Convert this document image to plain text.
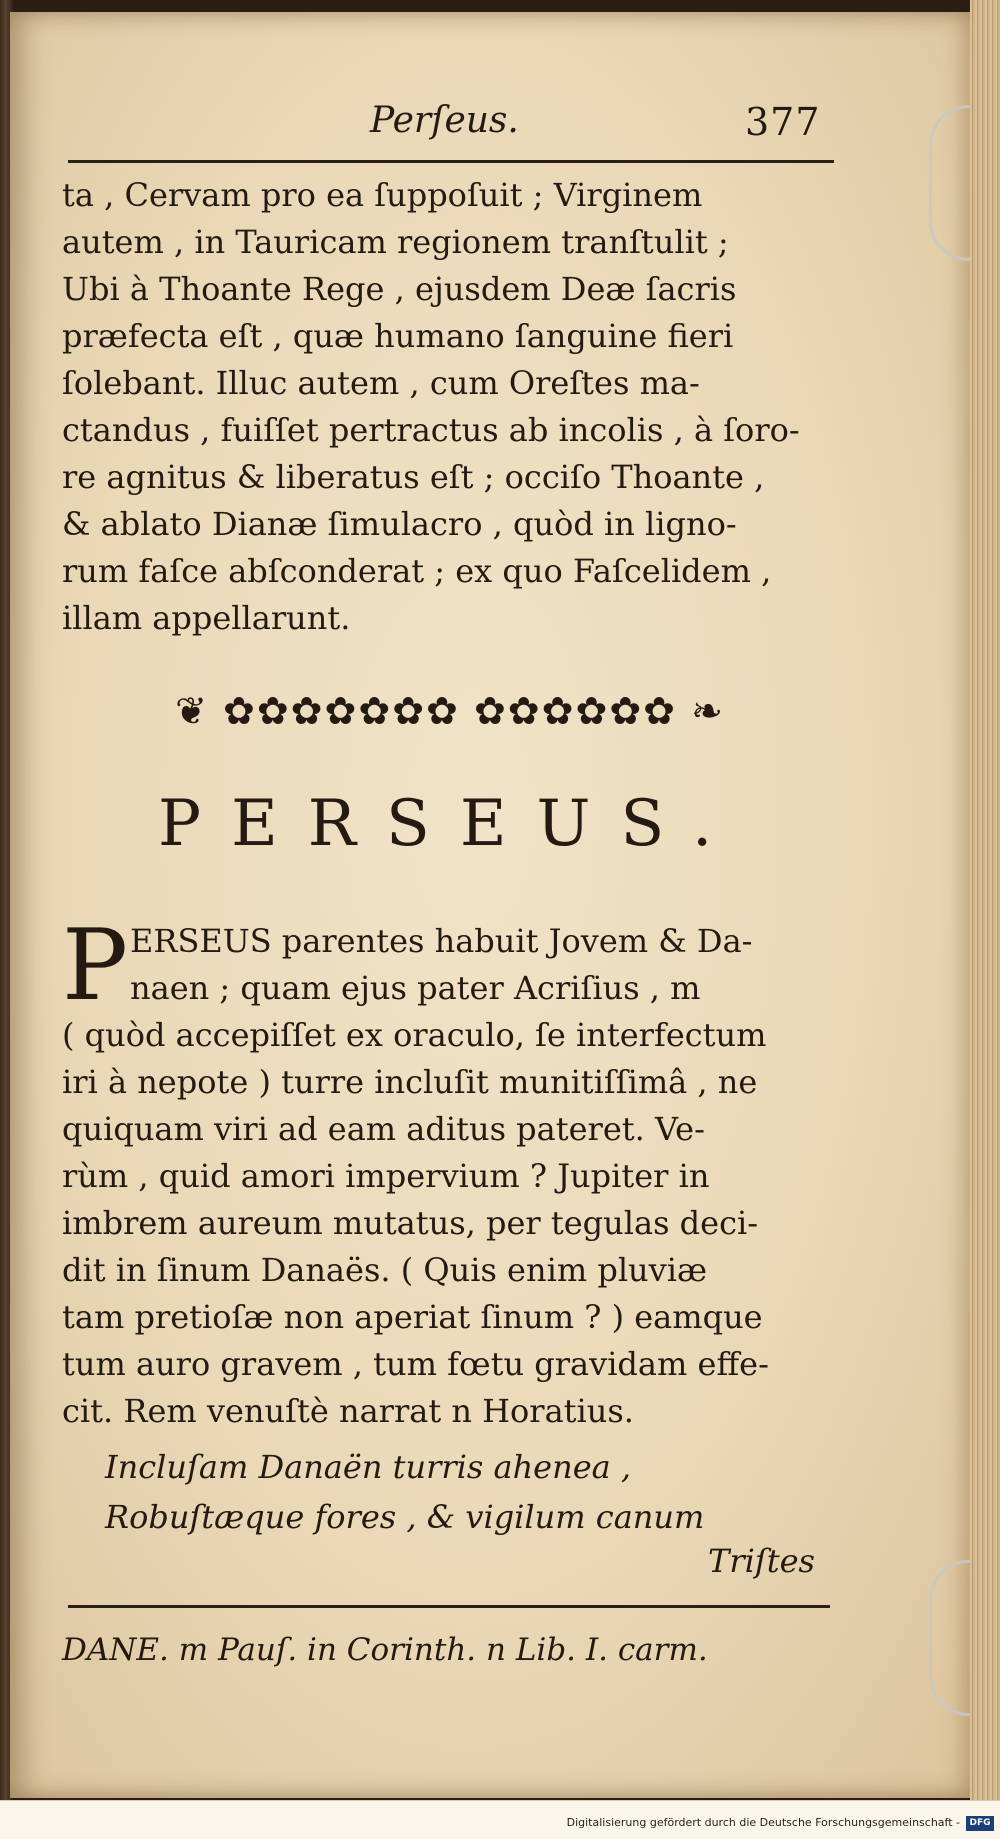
Perſeus.	377
ta , Cervam pro ea ſuppoſuit ; Virginem
autem , in Tauricam regionem tranſtulit ;
Ubi à Thoante Rege , ejusdem Deæ ſacris
præfecta eſt , quæ humano ſanguine fieri
ſolebant. Illuc autem , cum Oreſtes ma-
ctandus , fuiſſet pertractus ab incolis , à ſoro-
re agnitus & liberatus eſt ; occiſo Thoante ,
& ablato Dianæ ſimulacro , quòd in ligno-
rum faſce abſconderat ; ex quo Faſcelidem ,
illam appellarunt.
❦ ✿✿✿✿✿✿✿ ✿✿✿✿✿✿ ❧
PERSEUS.
P ERSEUS parentes habuit Jovem & Da-
naen ; quam ejus pater Acriſius , m
( quòd accepiſſet ex oraculo, ſe interfectum
iri à nepote ) turre incluſit munitiſſimâ , ne
quiquam viri ad eam aditus pateret. Ve-
rùm , quid amori impervium ? Jupiter in
imbrem aureum mutatus, per tegulas deci-
dit in ſinum Danaës. ( Quis enim pluviæ
tam pretioſæ non aperiat ſinum ? ) eamque
tum auro gravem , tum fœtu gravidam effe-
cit. Rem venuſtè narrat n Horatius.
Incluſam Danaën turris ahenea ,
Robuſtæque fores , & vigilum canum
Triſtes
DANE. m Pauſ. in Corinth. n Lib. I. carm.
Digitalisierung gefördert durch die Deutsche Forschungsgemeinschaft -	DFG
